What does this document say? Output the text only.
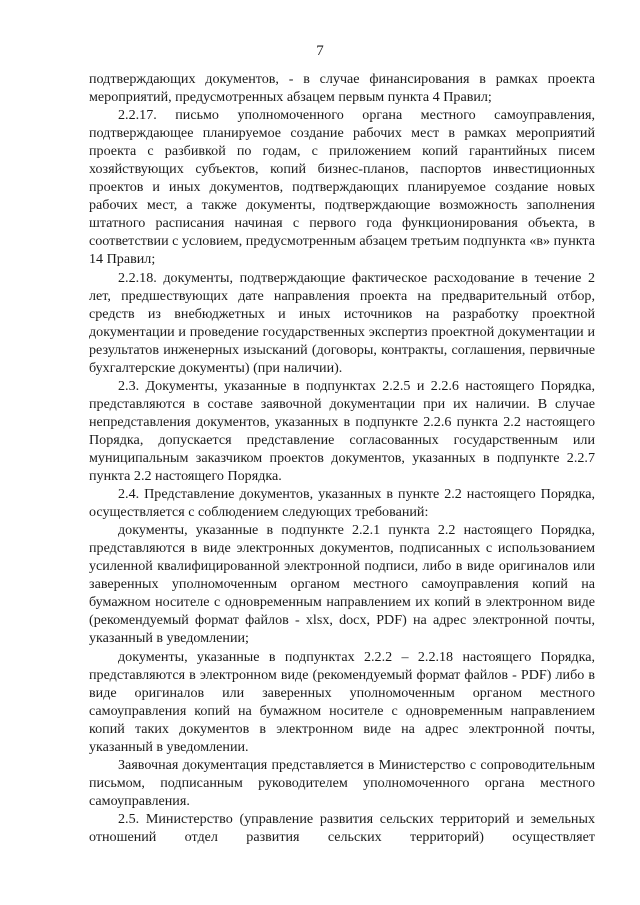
7

подтверждающих документов, - в случае финансирования в рамках проекта мероприятий, предусмотренных абзацем первым пункта 4 Правил;

2.2.17. письмо уполномоченного органа местного самоуправления, подтверждающее планируемое создание рабочих мест в рамках мероприятий проекта с разбивкой по годам, с приложением копий гарантийных писем хозяйствующих субъектов, копий бизнес-планов, паспортов инвестиционных проектов и иных документов, подтверждающих планируемое создание новых рабочих мест, а также документы, подтверждающие возможность заполнения штатного расписания начиная с первого года функционирования объекта, в соответствии с условием, предусмотренным абзацем третьим подпункта «в» пункта 14 Правил;

2.2.18. документы, подтверждающие фактическое расходование в течение 2 лет, предшествующих дате направления проекта на предварительный отбор, средств из внебюджетных и иных источников на разработку проектной документации и проведение государственных экспертиз проектной документации и результатов инженерных изысканий (договоры, контракты, соглашения, первичные бухгалтерские документы) (при наличии).

2.3. Документы, указанные в подпунктах 2.2.5 и 2.2.6 настоящего Порядка, представляются в составе заявочной документации при их наличии. В случае непредставления документов, указанных в подпункте 2.2.6 пункта 2.2 настоящего Порядка, допускается представление согласованных государственным или муниципальным заказчиком проектов документов, указанных в подпункте 2.2.7 пункта 2.2 настоящего Порядка.

2.4. Представление документов, указанных в пункте 2.2 настоящего Порядка, осуществляется с соблюдением следующих требований:

документы, указанные в подпункте 2.2.1 пункта 2.2 настоящего Порядка, представляются в виде электронных документов, подписанных с использованием усиленной квалифицированной электронной подписи, либо в виде оригиналов или заверенных уполномоченным органом местного самоуправления копий на бумажном носителе с одновременным направлением их копий в электронном виде (рекомендуемый формат файлов - xlsx, docx, PDF) на адрес электронной почты, указанный в уведомлении;

документы, указанные в подпунктах 2.2.2 – 2.2.18 настоящего Порядка, представляются в электронном виде (рекомендуемый формат файлов - PDF) либо в виде оригиналов или заверенных уполномоченным органом местного самоуправления копий на бумажном носителе с одновременным направлением копий таких документов в электронном виде на адрес электронной почты, указанный в уведомлении.

Заявочная документация представляется в Министерство с сопроводительным письмом, подписанным руководителем уполномоченного органа местного самоуправления.

2.5. Министерство (управление развития сельских территорий и земельных отношений отдел развития сельских территорий) осуществляет
